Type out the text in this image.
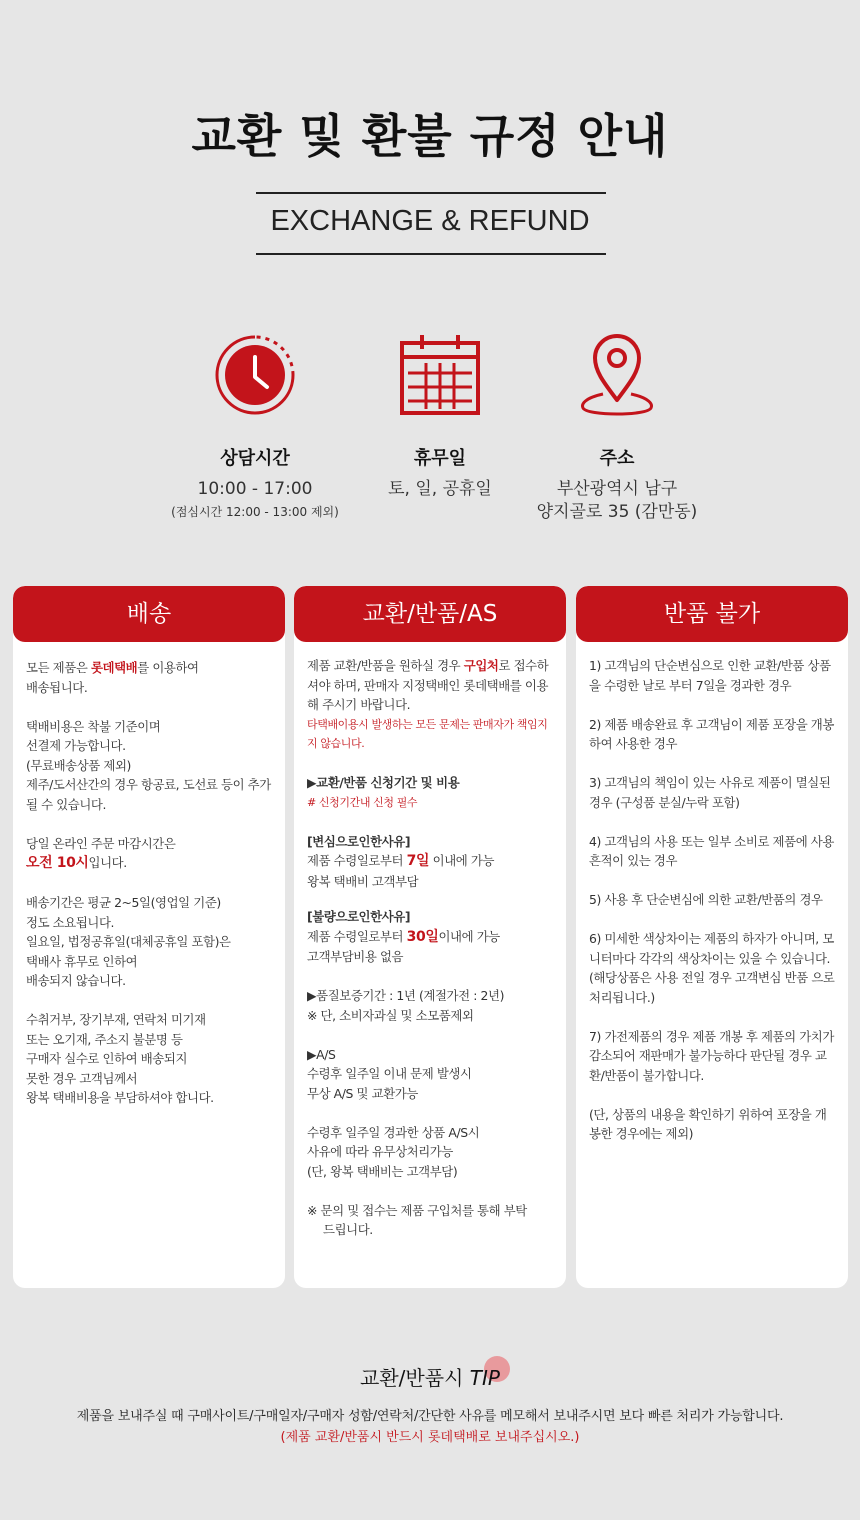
교환 및 환불 규정 안내
EXCHANGE & REFUND
상담시간
10:00 - 17:00
(점심시간 12:00 - 13:00 제외)
휴무일
토, 일, 공휴일
주소
부산광역시 남구
양지골로 35 (감만동)
배송
모든 제품은 롯데택배를 이용하여
배송됩니다.
택배비용은 착불 기준이며
선결제 가능합니다.
(무료배송상품 제외)
제주/도서산간의 경우 항공료, 도선료 등이 추가될 수 있습니다.
당일 온라인 주문 마감시간은
오전 10시입니다.
배송기간은 평균 2~5일(영업일 기준)
정도 소요됩니다.
일요일, 법정공휴일(대체공휴일 포함)은
택배사 휴무로 인하여
배송되지 않습니다.
수취거부, 장기부재, 연락처 미기재
또는 오기재, 주소지 불분명 등
구매자 실수로 인하여 배송되지
못한 경우 고객님께서
왕복 택배비용을 부담하셔야 합니다.
교환/반품/AS
제품 교환/반품을 원하실 경우 구입처로 접수하셔야 하며, 판매자 지정택배인 롯데택배를 이용해 주시기 바랍니다.
타택배이용시 발생하는 모든 문제는 판매자가 책임지지 않습니다.
▶교환/반품 신청기간 및 비용
# 신청기간내 신청 필수
[변심으로인한사유]
제품 수령일로부터 7일 이내에 가능
왕복 택배비 고객부담
[불량으로인한사유]
제품 수령일로부터 30일이내에 가능
고객부담비용 없음
▶품질보증기간 : 1년 (계절가전 : 2년)
※ 단, 소비자과실 및 소모품제외
▶A/S
수령후 일주일 이내 문제 발생시
무상 A/S 및 교환가능
수령후 일주일 경과한 상품 A/S시
사유에 따라 유무상처리가능
(단, 왕복 택배비는 고객부담)
※ 문의 및 접수는 제품 구입처를 통해 부탁
드립니다.
반품 불가
1) 고객님의 단순변심으로 인한 교환/반품 상품을 수령한 날로 부터 7일을 경과한 경우
2) 제품 배송완료 후 고객님이 제품 포장을 개봉하여 사용한 경우
3) 고객님의 책임이 있는 사유로 제품이 멸실된 경우 (구성품 분실/누락 포함)
4) 고객님의 사용 또는 일부 소비로 제품에 사용 흔적이 있는 경우
5) 사용 후 단순변심에 의한 교환/반품의 경우
6) 미세한 색상차이는 제품의 하자가 아니며, 모니터마다 각각의 색상차이는 있을 수 있습니다. (해당상품은 사용 전일 경우 고객변심 반품 으로 처리됩니다.)
7) 가전제품의 경우 제품 개봉 후 제품의 가치가 감소되어 재판매가 불가능하다 판단될 경우 교환/반품이 불가합니다.
(단, 상품의 내용을 확인하기 위하여 포장을 개봉한 경우에는 제외)
교환/반품시 TIP
제품을 보내주실 때 구매사이트/구매일자/구매자 성함/연락처/간단한 사유를 메모해서 보내주시면 보다 빠른 처리가 가능합니다.
(제품 교환/반품시 반드시 롯데택배로 보내주십시오.)
